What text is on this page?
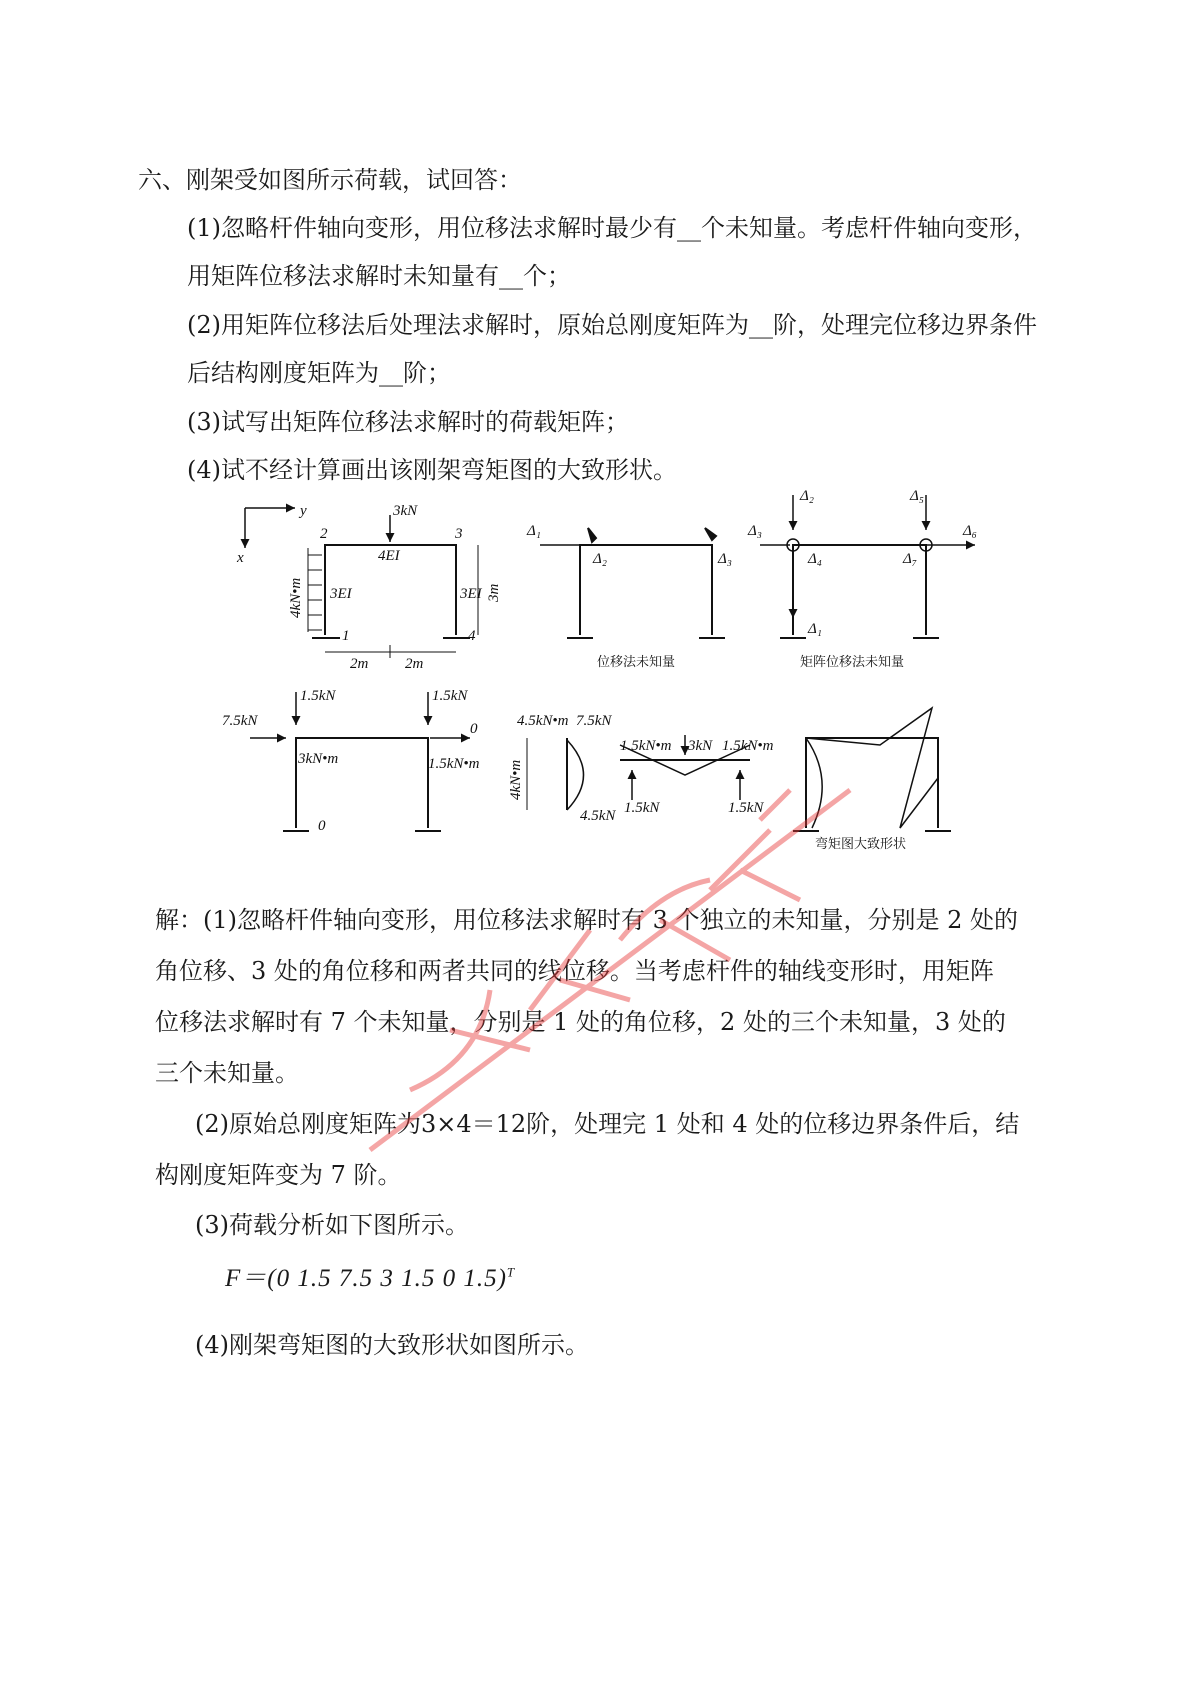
六、刚架受如图所示荷载，试回答：
(1)忽略杆件轴向变形，用位移法求解时最少有__个未知量。考虑杆件轴向变形，
用矩阵位移法求解时未知量有__个；
(2)用矩阵位移法后处理法求解时，原始总刚度矩阵为__阶，处理完位移边界条件
后结构刚度矩阵为__阶；
(3)试写出矩阵位移法求解时的荷载矩阵；
(4)试不经计算画出该刚架弯矩图的大致形状。
y
x
2	3
1	4
3kN
4EI
3EI	3EI
4kN•m	3m
2m 2m
Δ₁
Δ₂	Δ₃
位移法未知量
Δ₂	Δ₅
Δ₃	Δ₆
Δ₄	Δ₇
Δ₁
矩阵位移法未知量
1.5kN	1.5kN
7.5kN	0
3kN•m	1.5kN•m
0
4.5kN•m 7.5kN
4kN•m
4.5kN
1.5kN•m 3kN 1.5kN•m
1.5kN	1.5kN
弯矩图大致形状
解：(1)忽略杆件轴向变形，用位移法求解时有 3 个独立的未知量，分别是 2 处的
角位移、3 处的角位移和两者共同的线位移。当考虑杆件的轴线变形时，用矩阵
位移法求解时有 7 个未知量，分别是 1 处的角位移，2 处的三个未知量，3 处的
三个未知量。
(2)原始总刚度矩阵为3×4＝12阶，处理完 1 处和 4 处的位移边界条件后，结
构刚度矩阵变为 7 阶。
(3)荷载分析如下图所示。
F＝(0 1.5 7.5 3 1.5 0 1.5)$^T$
(4)刚架弯矩图的大致形状如图所示。
